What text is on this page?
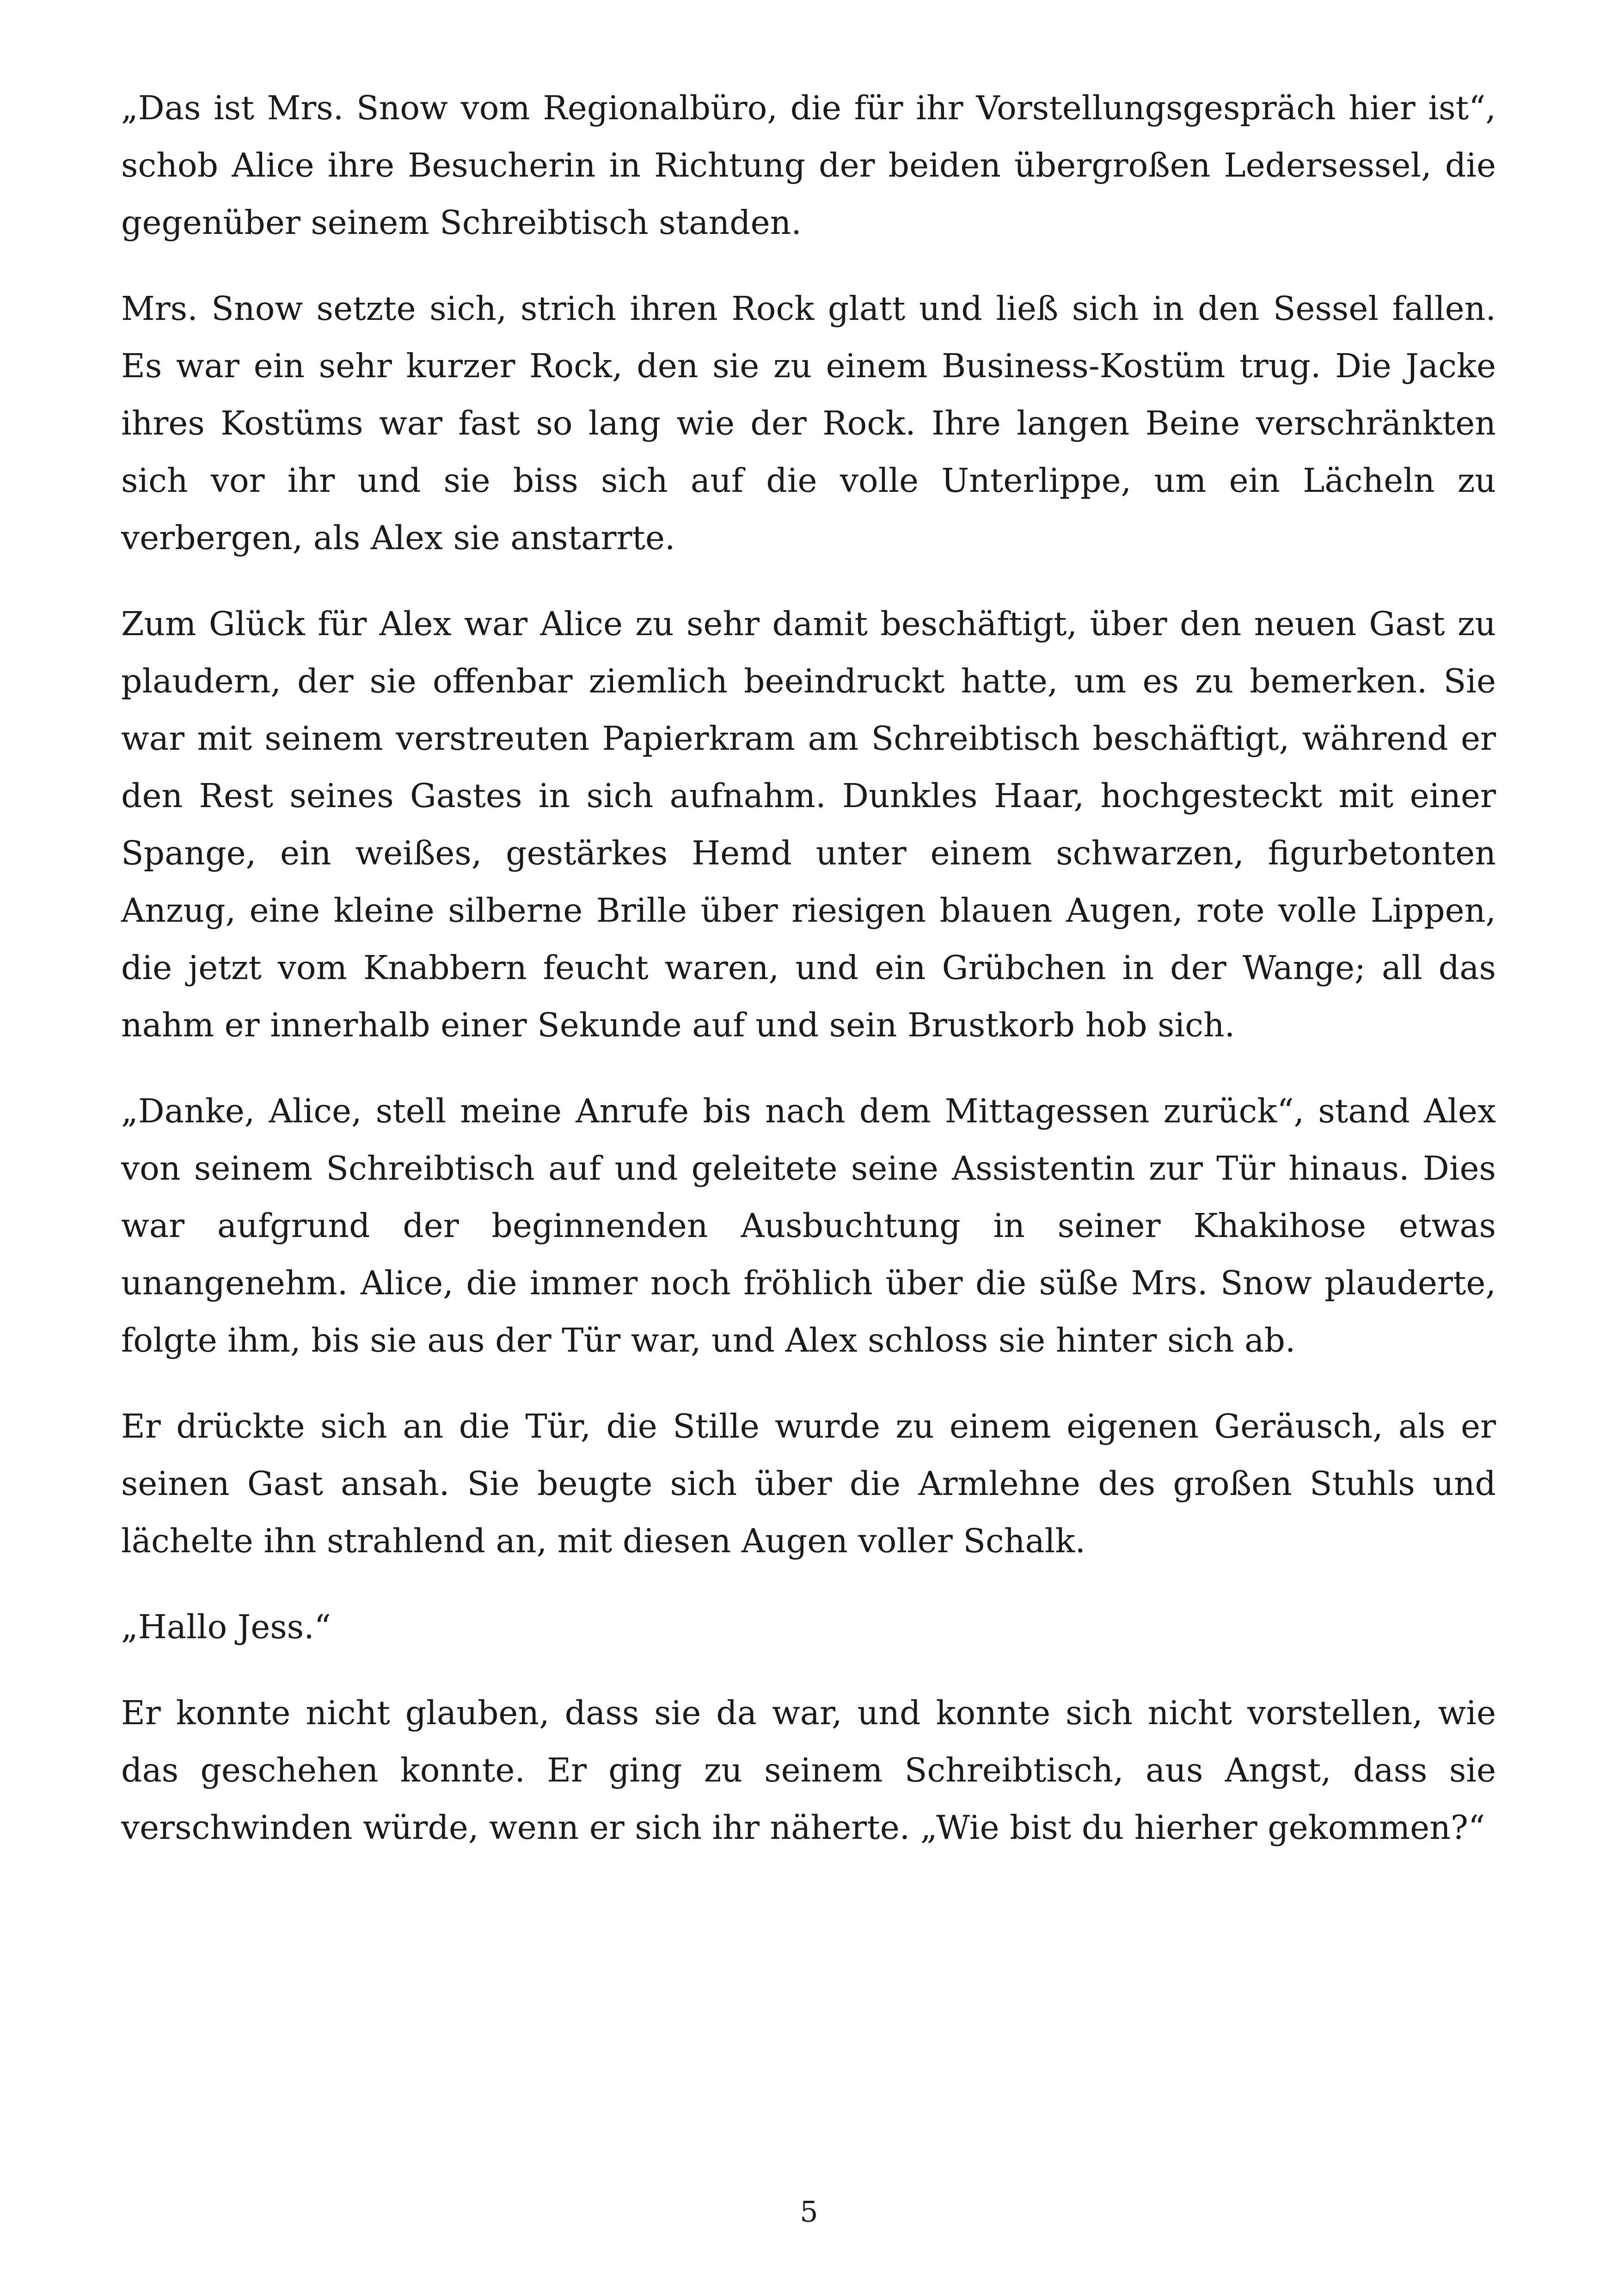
„Das ist Mrs. Snow vom Regionalbüro, die für ihr Vorstellungsgespräch hier ist“, schob Alice ihre Besucherin in Richtung der beiden übergroßen Ledersessel, die gegenüber seinem Schreibtisch standen.

Mrs. Snow setzte sich, strich ihren Rock glatt und ließ sich in den Sessel fallen. Es war ein sehr kurzer Rock, den sie zu einem Business-Kostüm trug. Die Jacke ihres Kostüms war fast so lang wie der Rock. Ihre langen Beine verschränkten sich vor ihr und sie biss sich auf die volle Unterlippe, um ein Lächeln zu verbergen, als Alex sie anstarrte.

Zum Glück für Alex war Alice zu sehr damit beschäftigt, über den neuen Gast zu plaudern, der sie offenbar ziemlich beeindruckt hatte, um es zu bemerken. Sie war mit seinem verstreuten Papierkram am Schreibtisch beschäftigt, während er den Rest seines Gastes in sich aufnahm. Dunkles Haar, hochgesteckt mit einer Spange, ein weißes, gestärkes Hemd unter einem schwarzen, figurbetonten Anzug, eine kleine silberne Brille über riesigen blauen Augen, rote volle Lippen, die jetzt vom Knabbern feucht waren, und ein Grübchen in der Wange; all das nahm er innerhalb einer Sekunde auf und sein Brustkorb hob sich.

„Danke, Alice, stell meine Anrufe bis nach dem Mittagessen zurück“, stand Alex von seinem Schreibtisch auf und geleitete seine Assistentin zur Tür hinaus. Dies war aufgrund der beginnenden Ausbuchtung in seiner Khakihose etwas unangenehm. Alice, die immer noch fröhlich über die süße Mrs. Snow plauderte, folgte ihm, bis sie aus der Tür war, und Alex schloss sie hinter sich ab.

Er drückte sich an die Tür, die Stille wurde zu einem eigenen Geräusch, als er seinen Gast ansah. Sie beugte sich über die Armlehne des großen Stuhls und lächelte ihn strahlend an, mit diesen Augen voller Schalk.

„Hallo Jess.“

Er konnte nicht glauben, dass sie da war, und konnte sich nicht vorstellen, wie das geschehen konnte. Er ging zu seinem Schreibtisch, aus Angst, dass sie verschwinden würde, wenn er sich ihr näherte. „Wie bist du hierher gekommen?“

5
